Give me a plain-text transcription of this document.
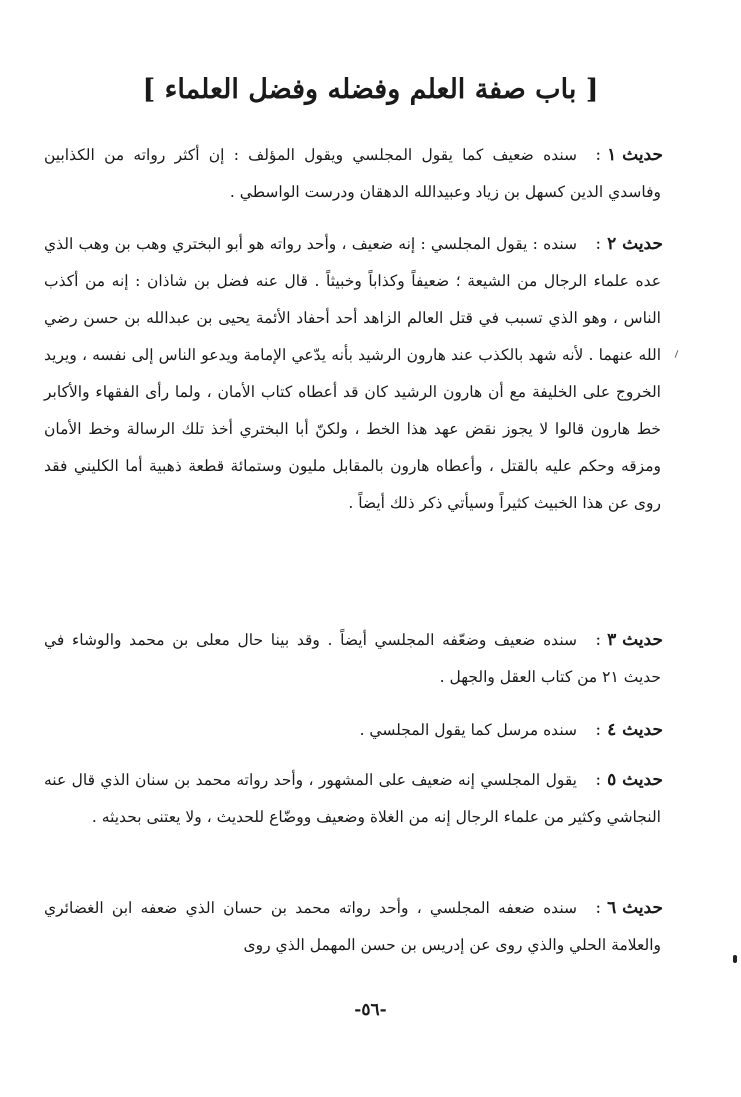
[ باب صفة العلم وفضله وفضل العلماء ]
حديث ١:
سنده ضعيف كما يقول المجلسي ويقول المؤلف : إن أكثر رواته من الكذابين وفاسدي الدين كسهل بن زياد وعبيدالله الدهقان ودرست الواسطي .
حديث ٢:
سنده : يقول المجلسي : إنه ضعيف ، وأحد رواته هو أبو البختري وهب بن وهب الذي عده علماء الرجال من الشيعة ؛ ضعيفاً وكذاباً وخبيثاً . قال عنه فضل بن شاذان : إنه من أكذب الناس ، وهو الذي تسبب في قتل العالم الزاهد أحد أحفاد الأئمة يحيى بن عبدالله بن حسن رضي الله عنهما . لأنه شهد بالكذب عند هارون الرشيد بأنه يدّعي الإمامة ويدعو الناس إلى نفسه ، ويريد الخروج على الخليفة مع أن هارون الرشيد كان قد أعطاه كتاب الأمان ، ولما رأى الفقهاء والأكابر خط هارون قالوا لا يجوز نقض عهد هذا الخط ، ولكنّ أبا البختري أخذ تلك الرسالة وخط الأمان ومزقه وحكم عليه بالقتل ، وأعطاه هارون بالمقابل مليون وستمائة قطعة ذهبية أما الكليني فقد روى عن هذا الخبيث كثيراً وسيأتي ذكر ذلك أيضاً .
حديث ٣:
سنده ضعيف وضعّفه المجلسي أيضاً . وقد بينا حال معلى بن محمد والوشاء في حديث ٢١ من كتاب العقل والجهل .
حديث ٤:
سنده مرسل كما يقول المجلسي .
حديث ٥:
يقول المجلسي إنه ضعيف على المشهور ، وأحد رواته محمد بن سنان الذي قال عنه النجاشي وكثير من علماء الرجال إنه من الغلاة وضعيف ووضّاع للحديث ، ولا يعتنى بحديثه .
حديث ٦:
سنده ضعفه المجلسي ، وأحد رواته محمد بن حسان الذي ضعفه ابن الغضائري والعلامة الحلي والذي روى عن إدريس بن حسن المهمل الذي روى
-٥٦-
